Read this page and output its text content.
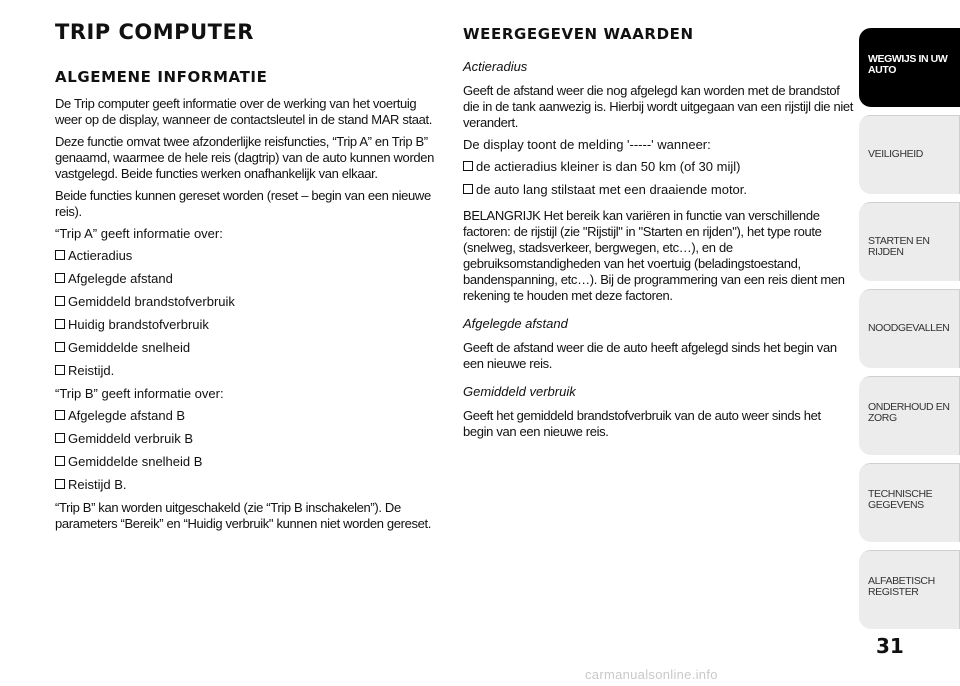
TRIP COMPUTER
ALGEMENE INFORMATIE

De Trip computer geeft informatie over de werking van het voertuig weer op de display, wanneer de contactsleutel in de stand MAR staat.

Deze functie omvat twee afzonderlijke reisfuncties, “Trip A” en Trip B” genaamd, waarmee de hele reis (dagtrip) van de auto kunnen worden vastgelegd. Beide functies werken onafhankelijk van elkaar.

Beide functies kunnen gereset worden (reset – begin van een nieuwe reis).

“Trip A” geeft informatie over:

Actieradius

Afgelegde afstand

Gemiddeld brandstofverbruik

Huidig brandstofverbruik

Gemiddelde snelheid

Reistijd.

“Trip B” geeft informatie over:

Afgelegde afstand B

Gemiddeld verbruik B

Gemiddelde snelheid B

Reistijd B.

“Trip B” kan worden uitgeschakeld (zie “Trip B inschakelen”). De parameters “Bereik” en “Huidig verbruik" kunnen niet worden gereset.

WEERGEGEVEN WAARDEN

Actieradius

Geeft de afstand weer die nog afgelegd kan worden met de brandstof die in de tank aanwezig is. Hierbij wordt uitgegaan van een rijstijl die niet verandert.

De display toont de melding '-----' wanneer:

de actieradius kleiner is dan 50 km (of 30 mijl)

de auto lang stilstaat met een draaiende motor.

BELANGRIJK Het bereik kan variëren in functie van verschillende factoren: de rijstijl (zie "Rijstijl" in "Starten en rijden"), het type route (snelweg, stadsverkeer, bergwegen, etc…), en de gebruiksomstandigheden van het voertuig (beladingstoestand, bandenspanning, etc…). Bij de programmering van een reis dient men rekening te houden met deze factoren.

Afgelegde afstand

Geeft de afstand weer die de auto heeft afgelegd sinds het begin van een nieuwe reis.

Gemiddeld verbruik

Geeft het gemiddeld brandstofverbruik van de auto weer sinds het begin van een nieuwe reis.

WEGWIJS IN UW AUTO
VEILIGHEID
STARTEN EN RIJDEN
NOODGEVALLEN
ONDERHOUD EN ZORG
TECHNISCHE GEGEVENS
ALFABETISCH REGISTER
31
carmanualsonline.info
